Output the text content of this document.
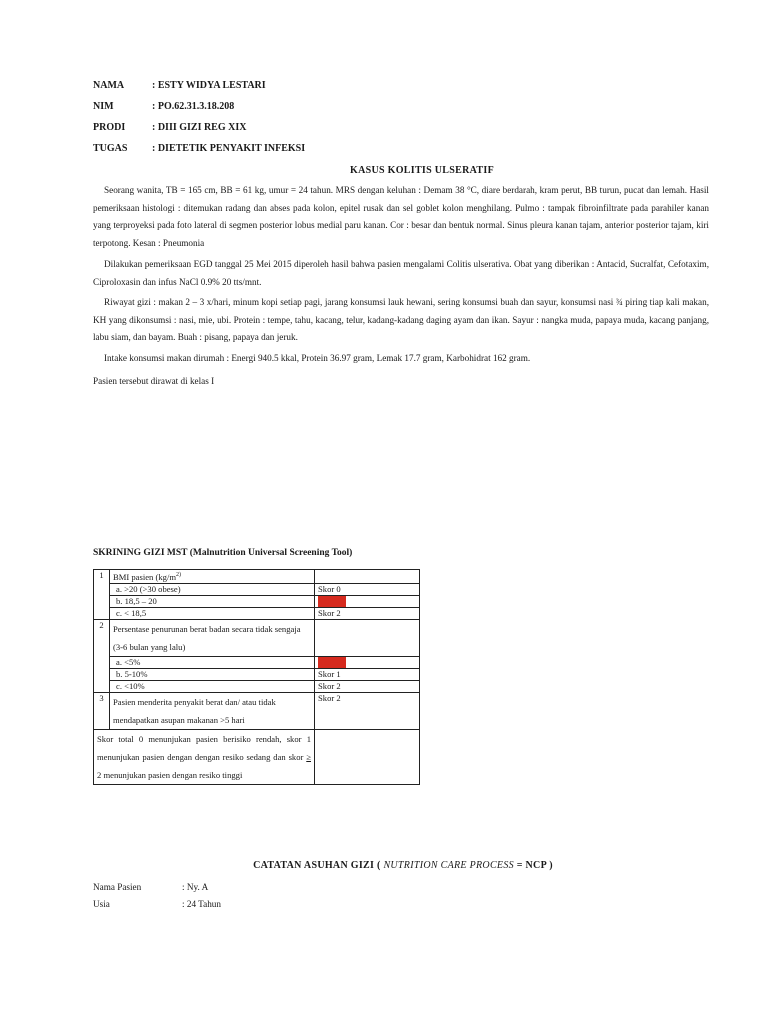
NAMA	: ESTY WIDYA LESTARI
NIM	: PO.62.31.3.18.208
PRODI	: DIII GIZI REG XIX
TUGAS : DIETETIK PENYAKIT INFEKSI
KASUS KOLITIS ULSERATIF
Seorang wanita, TB = 165 cm, BB = 61 kg, umur = 24 tahun. MRS dengan keluhan : Demam 38 °C, diare berdarah, kram perut, BB turun, pucat dan lemah. Hasil pemeriksaan histologi : ditemukan radang dan abses pada kolon, epitel rusak dan sel goblet kolon menghilang. Pulmo : tampak fibroinfiltrate pada parahiler kanan yang terproyeksi pada foto lateral di segmen posterior lobus medial paru kanan. Cor : besar dan bentuk normal. Sinus pleura kanan tajam, anterior posterior tajam, kiri terpotong. Kesan : Pneumonia
Dilakukan pemeriksaan EGD tanggal 25 Mei 2015 diperoleh hasil bahwa pasien mengalami Colitis ulserativa. Obat yang diberikan : Antacid, Sucralfat, Cefotaxim, Ciproloxasin dan infus NaCl 0.9% 20 tts/mnt.
Riwayat gizi : makan 2 – 3 x/hari, minum kopi setiap pagi, jarang konsumsi lauk hewani, sering konsumsi buah dan sayur, konsumsi nasi ¾ piring tiap kali makan, KH yang dikonsumsi : nasi, mie, ubi. Protein : tempe, tahu, kacang, telur, kadang-kadang daging ayam dan ikan. Sayur : nangka muda, papaya muda, kacang panjang, labu siam, dan bayam. Buah : pisang, papaya dan jeruk.
Intake konsumsi makan dirumah : Energi 940.5 kkal, Protein 36.97 gram, Lemak 17.7 gram, Karbohidrat 162 gram.
Pasien tersebut dirawat di kelas I
SKRINING GIZI MST (Malnutrition Universal Screening Tool)
1	BMI pasien ($kg/m^{2)}$	
	a. >20 (>30 obese)	Skor 0
	b. 18,5 – 20	Skor 1

	c. < 18,5	Skor 2
2	Persentase penurunan berat badan secara tidak sengaja (3-6 bulan yang lalu)	
	a. <5%	Skor 0

	b. 5-10%	Skor 1
	c. <10%	Skor 2
3	Pasien menderita penyakit berat dan/ atau tidak mendapatkan asupan makanan >5 hari	Skor 2
Skor total 0 menunjukan pasien berisiko rendah, skor 1 menunjukan pasien dengan dengan resiko sedang dan skor ≥ 2 menunjukan pasien dengan resiko tinggi		
CATATAN ASUHAN GIZI ( NUTRITION CARE PROCESS = NCP )
Nama Pasien	: Ny. A
Usia	: 24 Tahun
